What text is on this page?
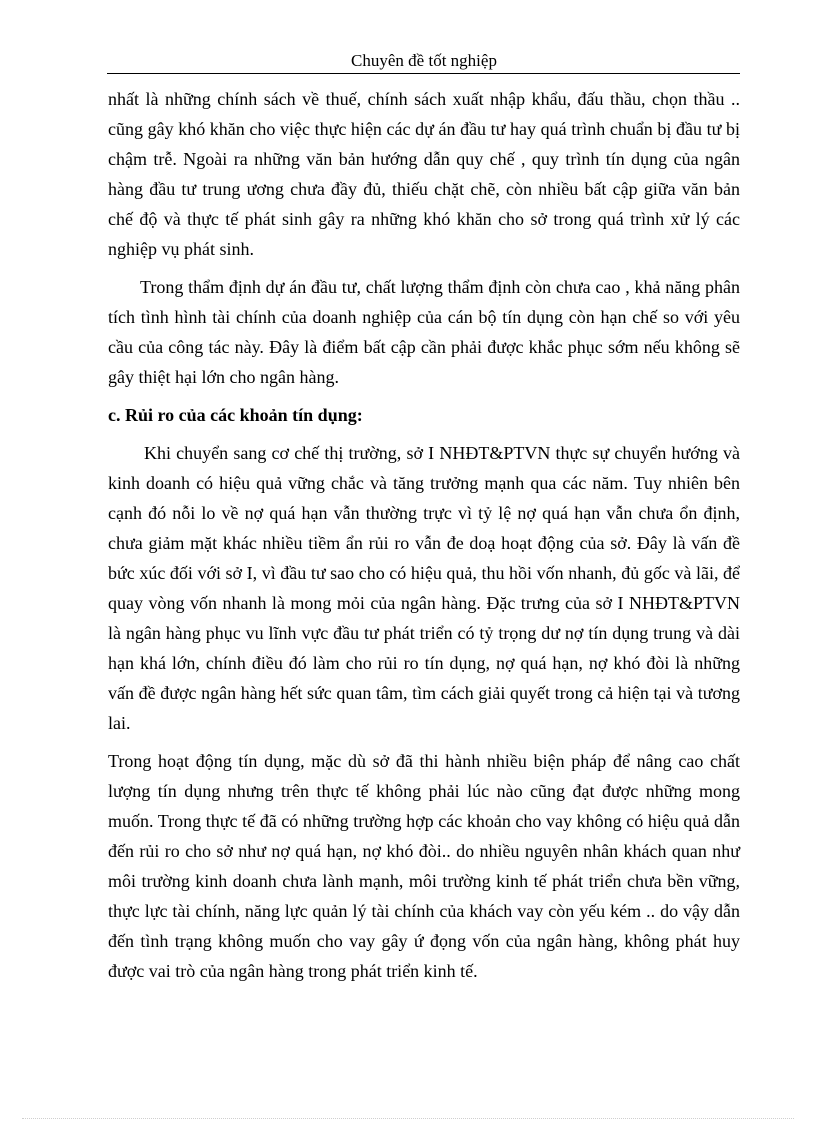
Chuyên đề tốt nghiệp

nhất là những chính sách về thuế, chính sách xuất nhập khẩu, đấu thầu, chọn thầu .. cũng gây khó khăn cho việc thực hiện các dự án đầu tư hay quá trình chuẩn bị đầu tư bị chậm trễ. Ngoài ra những văn bản hướng dẫn quy chế , quy trình tín dụng của ngân hàng đầu tư trung ương chưa đầy đủ, thiếu chặt chẽ, còn nhiều bất cập giữa văn bản chế độ và thực tế phát sinh gây ra những khó khăn cho sở trong quá trình xử lý các nghiệp vụ phát sinh.

Trong thẩm định dự án đầu tư, chất lượng thẩm định còn chưa cao , khả năng phân tích tình hình tài chính của doanh nghiệp của cán bộ tín dụng còn hạn chế so với yêu cầu của công tác này. Đây là điểm bất cập cần phải được khắc phục sớm nếu không sẽ gây thiệt hại lớn cho ngân hàng.

c. Rủi ro của các khoản tín dụng:

Khi chuyển sang cơ chế thị trường, sở I NHĐT&PTVN thực sự chuyển hướng và kinh doanh có hiệu quả vững chắc và tăng trưởng mạnh qua các năm. Tuy nhiên bên cạnh đó nỗi lo về nợ quá hạn vẫn thường trực vì tỷ lệ nợ quá hạn vẫn chưa ổn định, chưa giảm mặt khác nhiều tiềm ẩn rủi ro vẫn đe doạ hoạt động của sở. Đây là vấn đề bức xúc đối với sở I, vì đầu tư sao cho có hiệu quả, thu hồi vốn nhanh, đủ gốc và lãi, để quay vòng vốn nhanh là mong mỏi của ngân hàng. Đặc trưng của sở I NHĐT&PTVN là ngân hàng phục vu lĩnh vực đầu tư phát triển có tỷ trọng dư nợ tín dụng trung và dài hạn khá lớn, chính điều đó làm cho rủi ro tín dụng, nợ quá hạn, nợ khó đòi là những vấn đề được ngân hàng hết sức quan tâm, tìm cách giải quyết trong cả hiện tại và tương lai.

Trong hoạt động tín dụng, mặc dù sở đã thi hành nhiều biện pháp để nâng cao chất lượng tín dụng nhưng trên thực tế không phải lúc nào cũng đạt được những mong muốn. Trong thực tế đã có những trường hợp các khoản cho vay không có hiệu quả dẫn đến rủi ro cho sở như nợ quá hạn, nợ khó đòi.. do nhiều nguyên nhân khách quan như môi trường kinh doanh chưa lành mạnh, môi trường kinh tế phát triển chưa bền vững, thực lực tài chính, năng lực quản lý tài chính của khách vay còn yếu kém .. do vậy dẫn đến tình trạng không muốn cho vay gây ứ đọng vốn của ngân hàng, không phát huy được vai trò của ngân hàng trong phát triển kinh tế.
